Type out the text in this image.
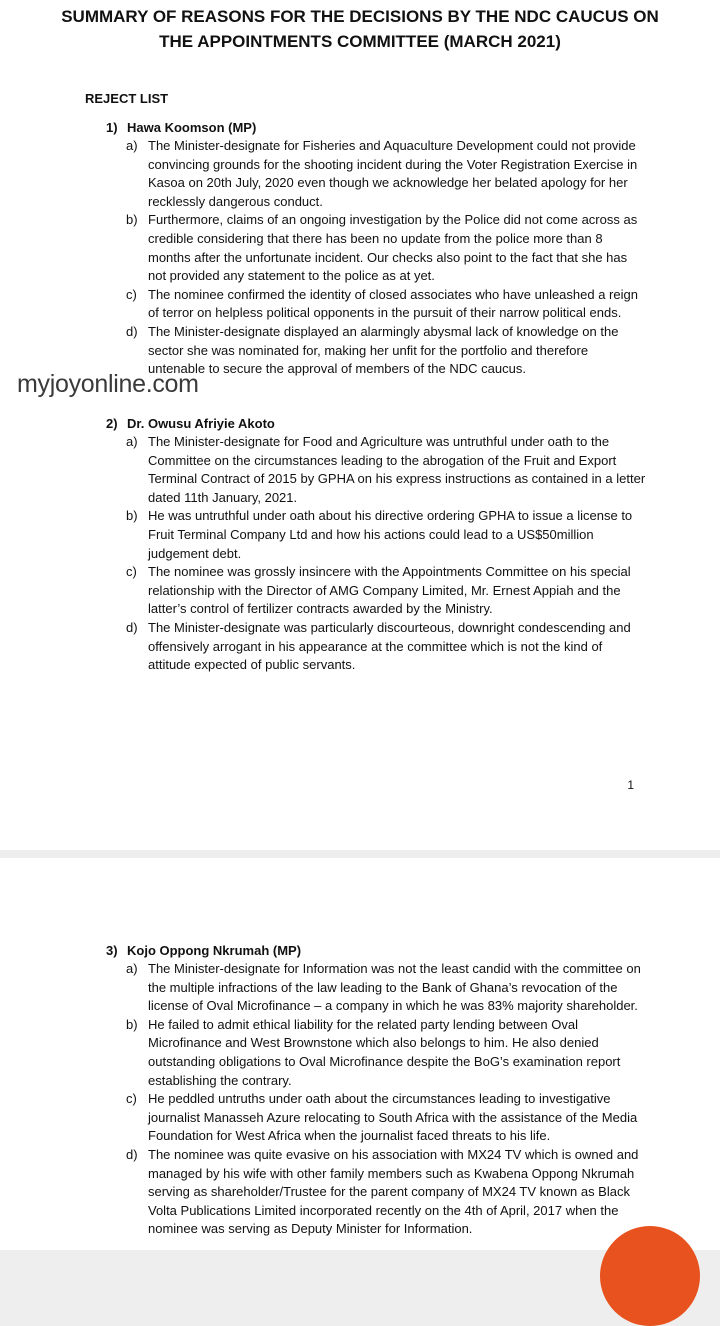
SUMMARY OF REASONS FOR THE DECISIONS BY THE NDC CAUCUS ON
THE APPOINTMENTS COMMITTEE (MARCH 2021)
REJECT LIST
1) Hawa Koomson (MP)
a) The Minister-designate for Fisheries and Aquaculture Development could not provide convincing grounds for the shooting incident during the Voter Registration Exercise in Kasoa on 20th July, 2020 even though we acknowledge her belated apology for her recklessly dangerous conduct.
b) Furthermore, claims of an ongoing investigation by the Police did not come across as credible considering that there has been no update from the police more than 8 months after the unfortunate incident. Our checks also point to the fact that she has not provided any statement to the police as at yet.
c) The nominee confirmed the identity of closed associates who have unleashed a reign of terror on helpless political opponents in the pursuit of their narrow political ends.
d) The Minister-designate displayed an alarmingly abysmal lack of knowledge on the sector she was nominated for, making her unfit for the portfolio and therefore untenable to secure the approval of members of the NDC caucus.
2) Dr. Owusu Afriyie Akoto
a) The Minister-designate for Food and Agriculture was untruthful under oath to the Committee on the circumstances leading to the abrogation of the Fruit and Export Terminal Contract of 2015 by GPHA on his express instructions as contained in a letter dated 11th January, 2021.
b) He was untruthful under oath about his directive ordering GPHA to issue a license to Fruit Terminal Company Ltd and how his actions could lead to a US$50million judgement debt.
c) The nominee was grossly insincere with the Appointments Committee on his special relationship with the Director of AMG Company Limited, Mr. Ernest Appiah and the latter’s control of fertilizer contracts awarded by the Ministry.
d) The Minister-designate was particularly discourteous, downright condescending and offensively arrogant in his appearance at the committee which is not the kind of attitude expected of public servants.
1
myjoyonline.com
3) Kojo Oppong Nkrumah (MP)
a) The Minister-designate for Information was not the least candid with the committee on the multiple infractions of the law leading to the Bank of Ghana’s revocation of the license of Oval Microfinance – a company in which he was 83% majority shareholder.
b) He failed to admit ethical liability for the related party lending between Oval Microfinance and West Brownstone which also belongs to him. He also denied outstanding obligations to Oval Microfinance despite the BoG’s examination report establishing the contrary.
c) He peddled untruths under oath about the circumstances leading to investigative journalist Manasseh Azure relocating to South Africa with the assistance of the Media Foundation for West Africa when the journalist faced threats to his life.
d) The nominee was quite evasive on his association with MX24 TV which is owned and managed by his wife with other family members such as Kwabena Oppong Nkrumah serving as shareholder/Trustee for the parent company of MX24 TV known as Black Volta Publications Limited incorporated recently on the 4th of April, 2017 when the nominee was serving as Deputy Minister for Information.
